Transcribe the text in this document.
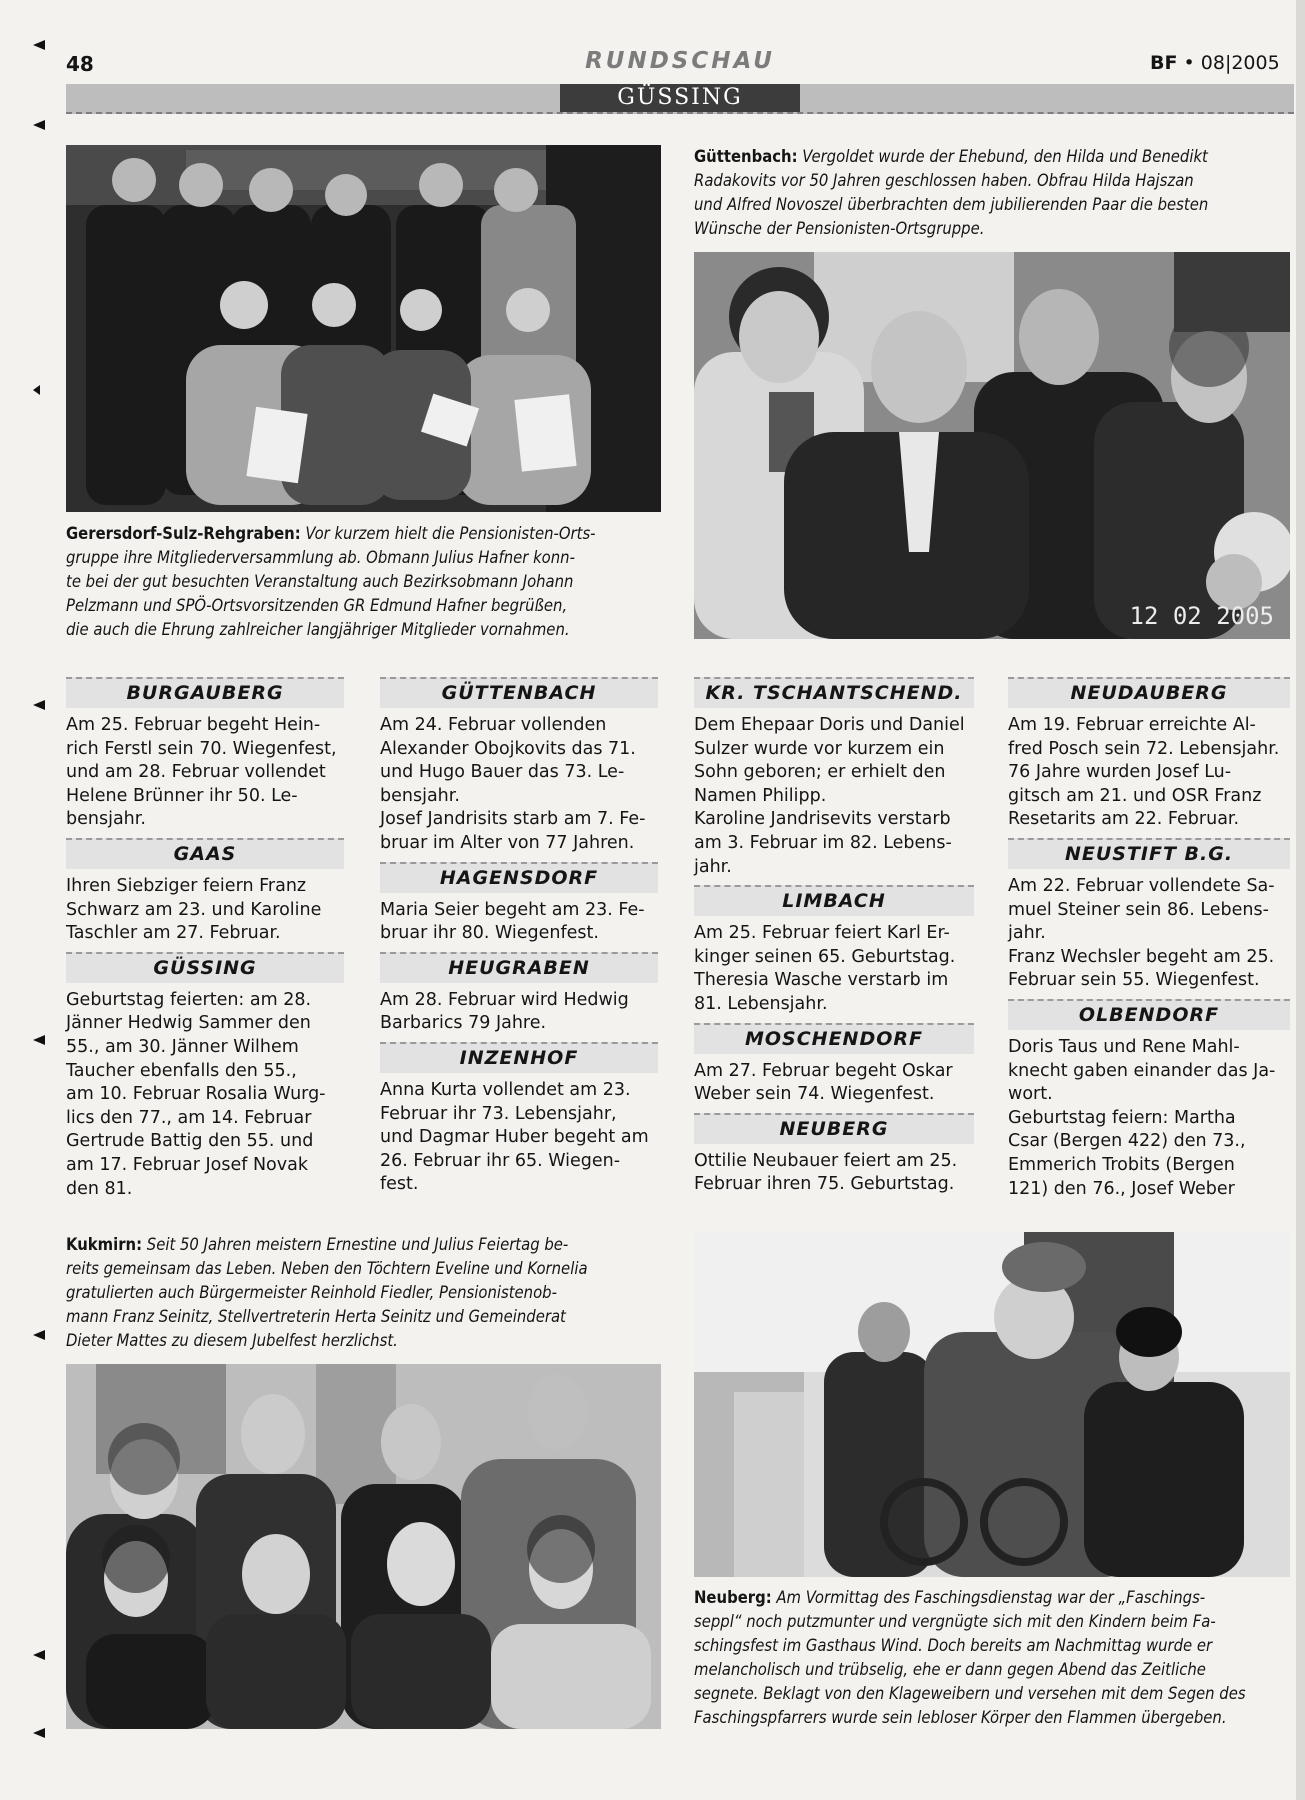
48	RUNDSCHAU	BF • 08|2005
GÜSSING
Gerersdorf-Sulz-Rehgraben: Vor kurzem hielt die Pensionisten-Orts-
gruppe ihre Mitgliederversammlung ab. Obmann Julius Hafner konn-
te bei der gut besuchten Veranstaltung auch Bezirksobmann Johann
Pelzmann und SPÖ-Ortsvorsitzenden GR Edmund Hafner begrüßen,
die auch die Ehrung zahlreicher langjähriger Mitglieder vornahmen.
Güttenbach: Vergoldet wurde der Ehebund, den Hilda und Benedikt
Radakovits vor 50 Jahren geschlossen haben. Obfrau Hilda Hajszan
und Alfred Novoszel überbrachten dem jubilierenden Paar die besten
Wünsche der Pensionisten-Ortsgruppe.
12 02 2005
BURGAUBERG

Am 25. Februar begeht Hein-

rich Ferstl sein 70. Wiegenfest,

und am 28. Februar vollendet

Helene Brünner ihr 50. Le-

bensjahr.

GAAS

Ihren Siebziger feiern Franz

Schwarz am 23. und Karoline

Taschler am 27. Februar.

GÜSSING

Geburtstag feierten: am 28.

Jänner Hedwig Sammer den

55., am 30. Jänner Wilhem

Taucher ebenfalls den 55.,

am 10. Februar Rosalia Wurg-

lics den 77., am 14. Februar

Gertrude Battig den 55. und

am 17. Februar Josef Novak

den 81.

GÜTTENBACH

Am 24. Februar vollenden

Alexander Obojkovits das 71.

und Hugo Bauer das 73. Le-

bensjahr.

Josef Jandrisits starb am 7. Fe-

bruar im Alter von 77 Jahren.

HAGENSDORF

Maria Seier begeht am 23. Fe-

bruar ihr 80. Wiegenfest.

HEUGRABEN

Am 28. Februar wird Hedwig

Barbarics 79 Jahre.

INZENHOF

Anna Kurta vollendet am 23.

Februar ihr 73. Lebensjahr,

und Dagmar Huber begeht am

26. Februar ihr 65. Wiegen-

fest.

KR. TSCHANTSCHEND.

Dem Ehepaar Doris und Daniel

Sulzer wurde vor kurzem ein

Sohn geboren; er erhielt den

Namen Philipp.

Karoline Jandrisevits verstarb

am 3. Februar im 82. Lebens-

jahr.

LIMBACH

Am 25. Februar feiert Karl Er-

kinger seinen 65. Geburtstag.

Theresia Wasche verstarb im

81. Lebensjahr.

MOSCHENDORF

Am 27. Februar begeht Oskar

Weber sein 74. Wiegenfest.

NEUBERG

Ottilie Neubauer feiert am 25.

Februar ihren 75. Geburtstag.

NEUDAUBERG

Am 19. Februar erreichte Al-

fred Posch sein 72. Lebensjahr.

76 Jahre wurden Josef Lu-

gitsch am 21. und OSR Franz

Resetarits am 22. Februar.

NEUSTIFT B.G.

Am 22. Februar vollendete Sa-

muel Steiner sein 86. Lebens-

jahr.

Franz Wechsler begeht am 25.

Februar sein 55. Wiegenfest.

OLBENDORF

Doris Taus und Rene Mahl-

knecht gaben einander das Ja-

wort.

Geburtstag feiern: Martha

Csar (Bergen 422) den 73.,

Emmerich Trobits (Bergen

121) den 76., Josef Weber

Kukmirn: Seit 50 Jahren meistern Ernestine und Julius Feiertag be-
reits gemeinsam das Leben. Neben den Töchtern Eveline und Kornelia
gratulierten auch Bürgermeister Reinhold Fiedler, Pensionistenob-
mann Franz Seinitz, Stellvertreterin Herta Seinitz und Gemeinderat
Dieter Mattes zu diesem Jubelfest herzlichst.
Neuberg: Am Vormittag des Faschingsdienstag war der „Faschings-
seppl“ noch putzmunter und vergnügte sich mit den Kindern beim Fa-
schingsfest im Gasthaus Wind. Doch bereits am Nachmittag wurde er
melancholisch und trübselig, ehe er dann gegen Abend das Zeitliche
segnete. Beklagt von den Klageweibern und versehen mit dem Segen des
Faschingspfarrers wurde sein lebloser Körper den Flammen übergeben.
